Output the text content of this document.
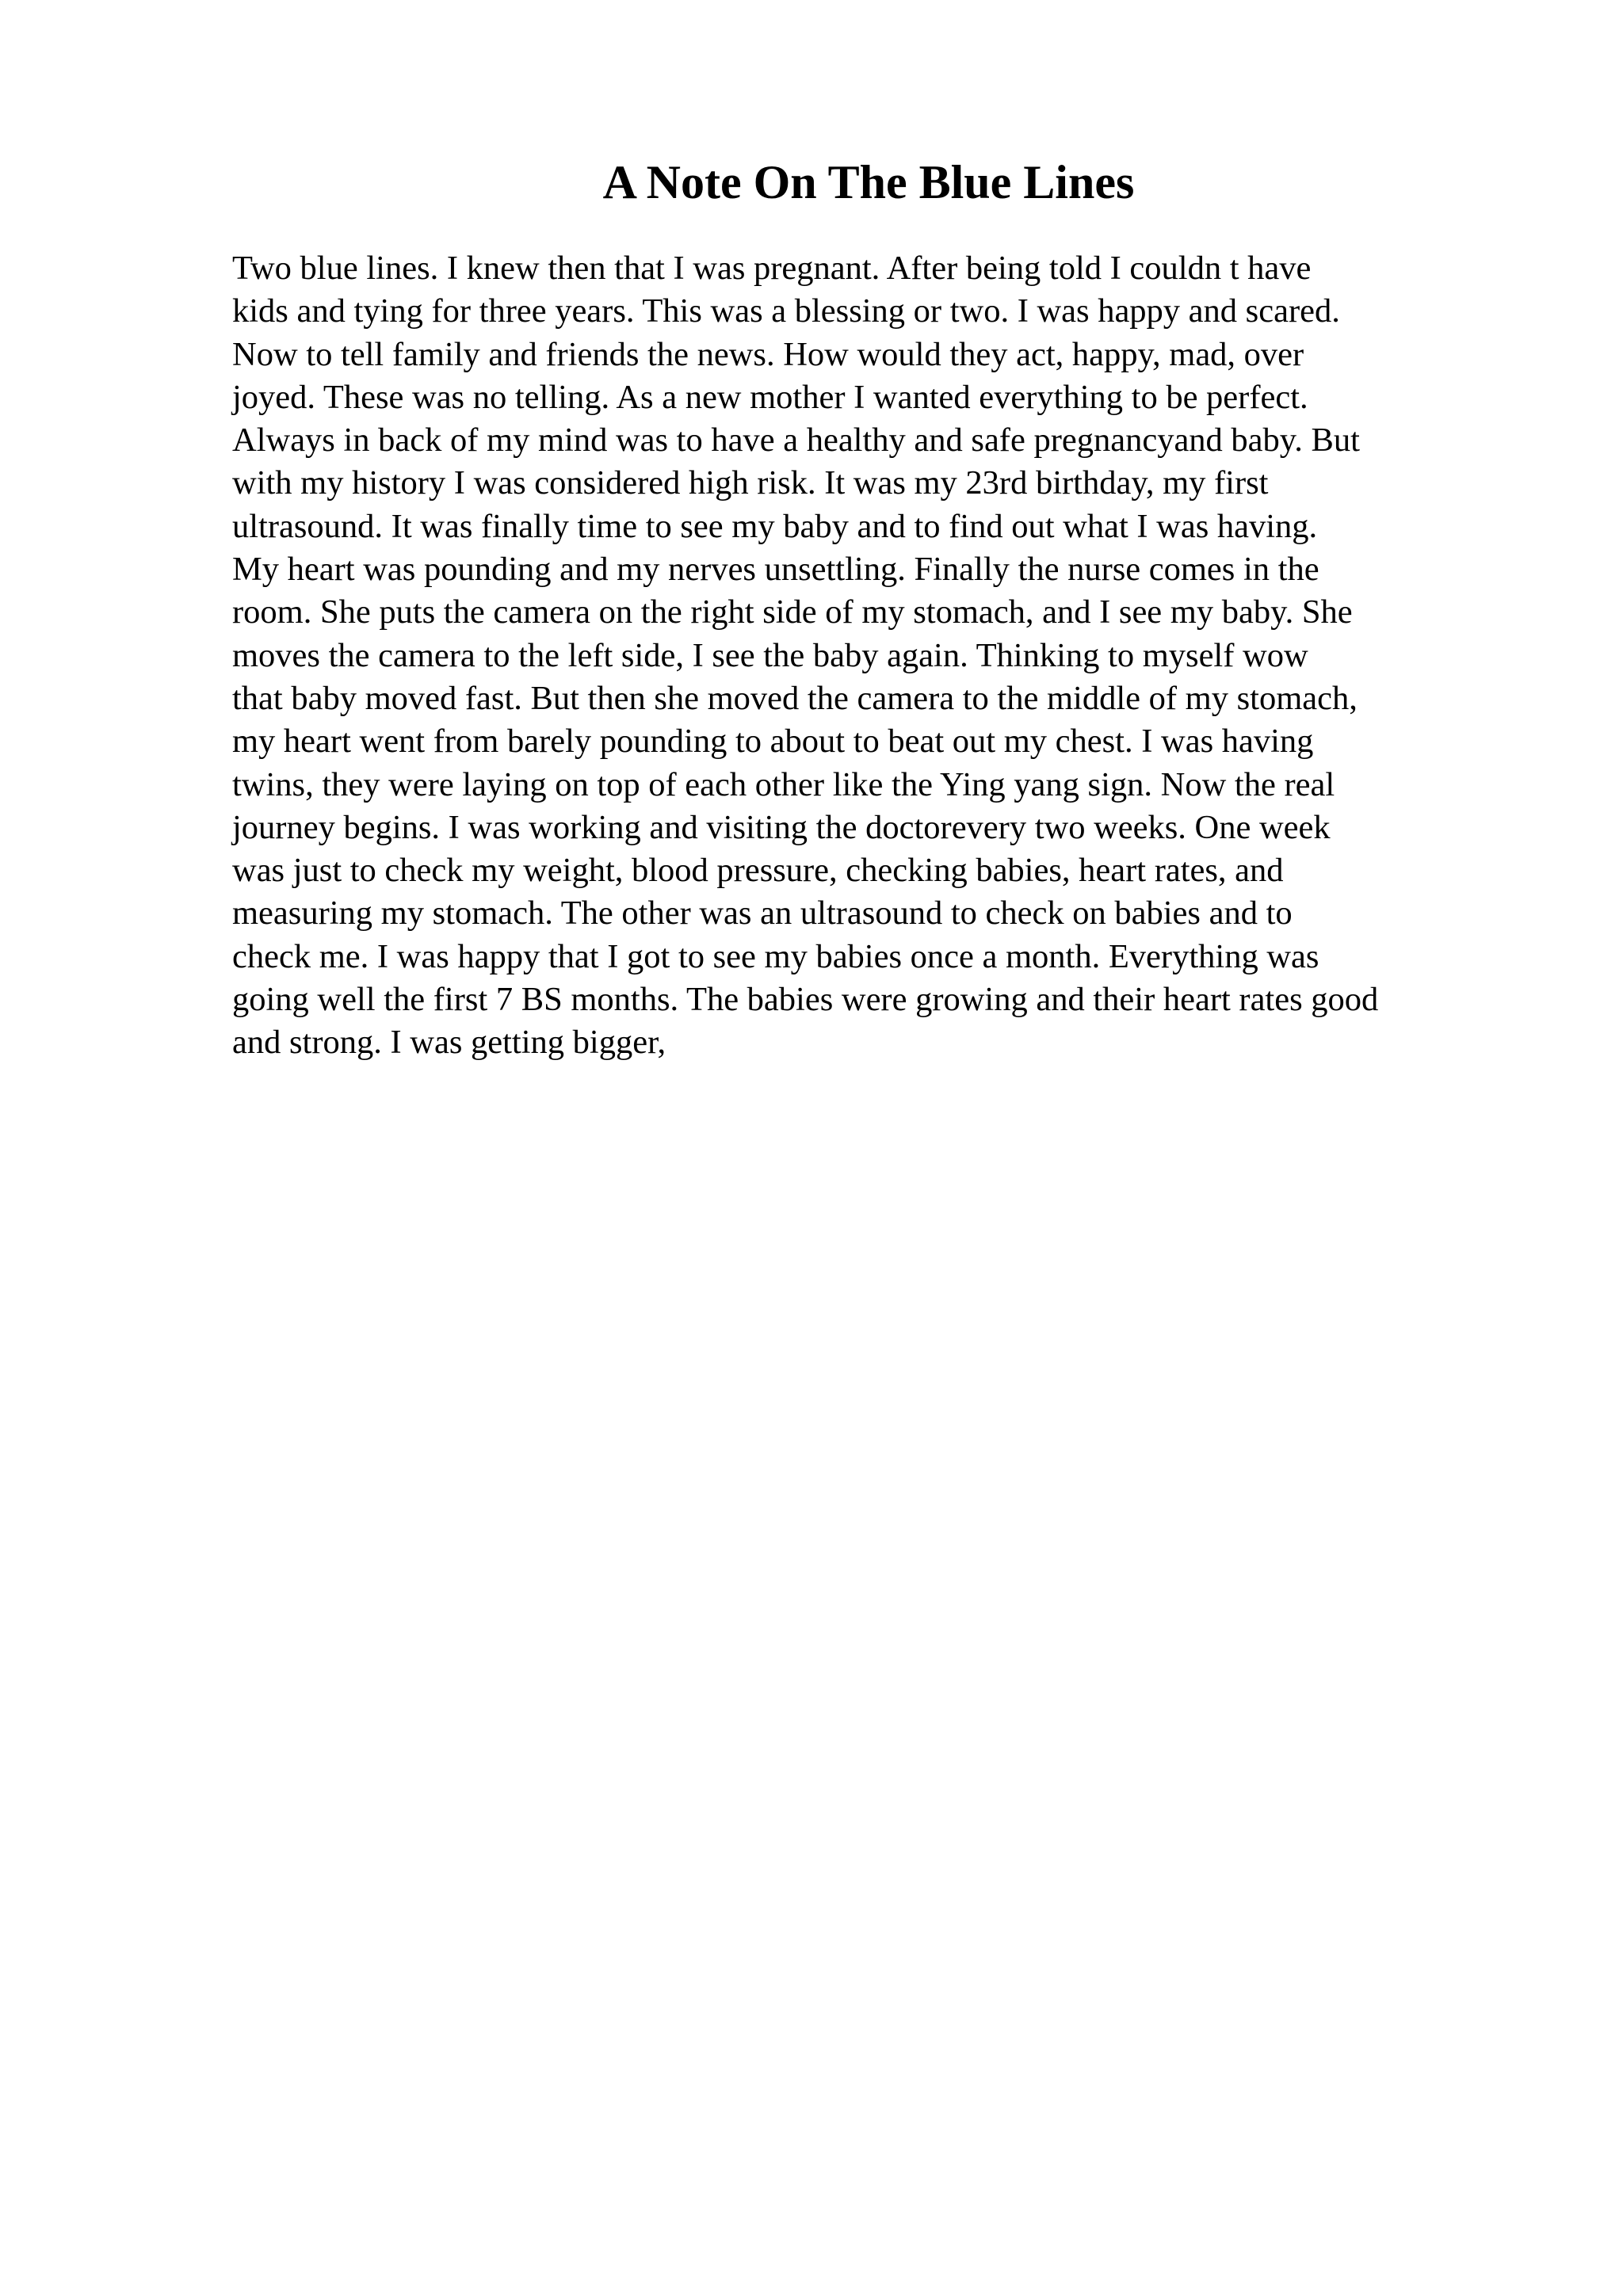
A Note On The Blue Lines
Two blue lines. I knew then that I was pregnant. After being told I couldn t have
kids and tying for three years. This was a blessing or two. I was happy and scared.
Now to tell family and friends the news. How would they act, happy, mad, over
joyed. These was no telling. As a new mother I wanted everything to be perfect.
Always in back of my mind was to have a healthy and safe pregnancyand baby. But
with my history I was considered high risk. It was my 23rd birthday, my first
ultrasound. It was finally time to see my baby and to find out what I was having.
My heart was pounding and my nerves unsettling. Finally the nurse comes in the
room. She puts the camera on the right side of my stomach, and I see my baby. She
moves the camera to the left side, I see the baby again. Thinking to myself wow
that baby moved fast. But then she moved the camera to the middle of my stomach,
my heart went from barely pounding to about to beat out my chest. I was having
twins, they were laying on top of each other like the Ying yang sign. Now the real
journey begins. I was working and visiting the doctorevery two weeks. One week
was just to check my weight, blood pressure, checking babies, heart rates, and
measuring my stomach. The other was an ultrasound to check on babies and to
check me. I was happy that I got to see my babies once a month. Everything was
going well the first 7 BS months. The babies were growing and their heart rates good
and strong. I was getting bigger,
